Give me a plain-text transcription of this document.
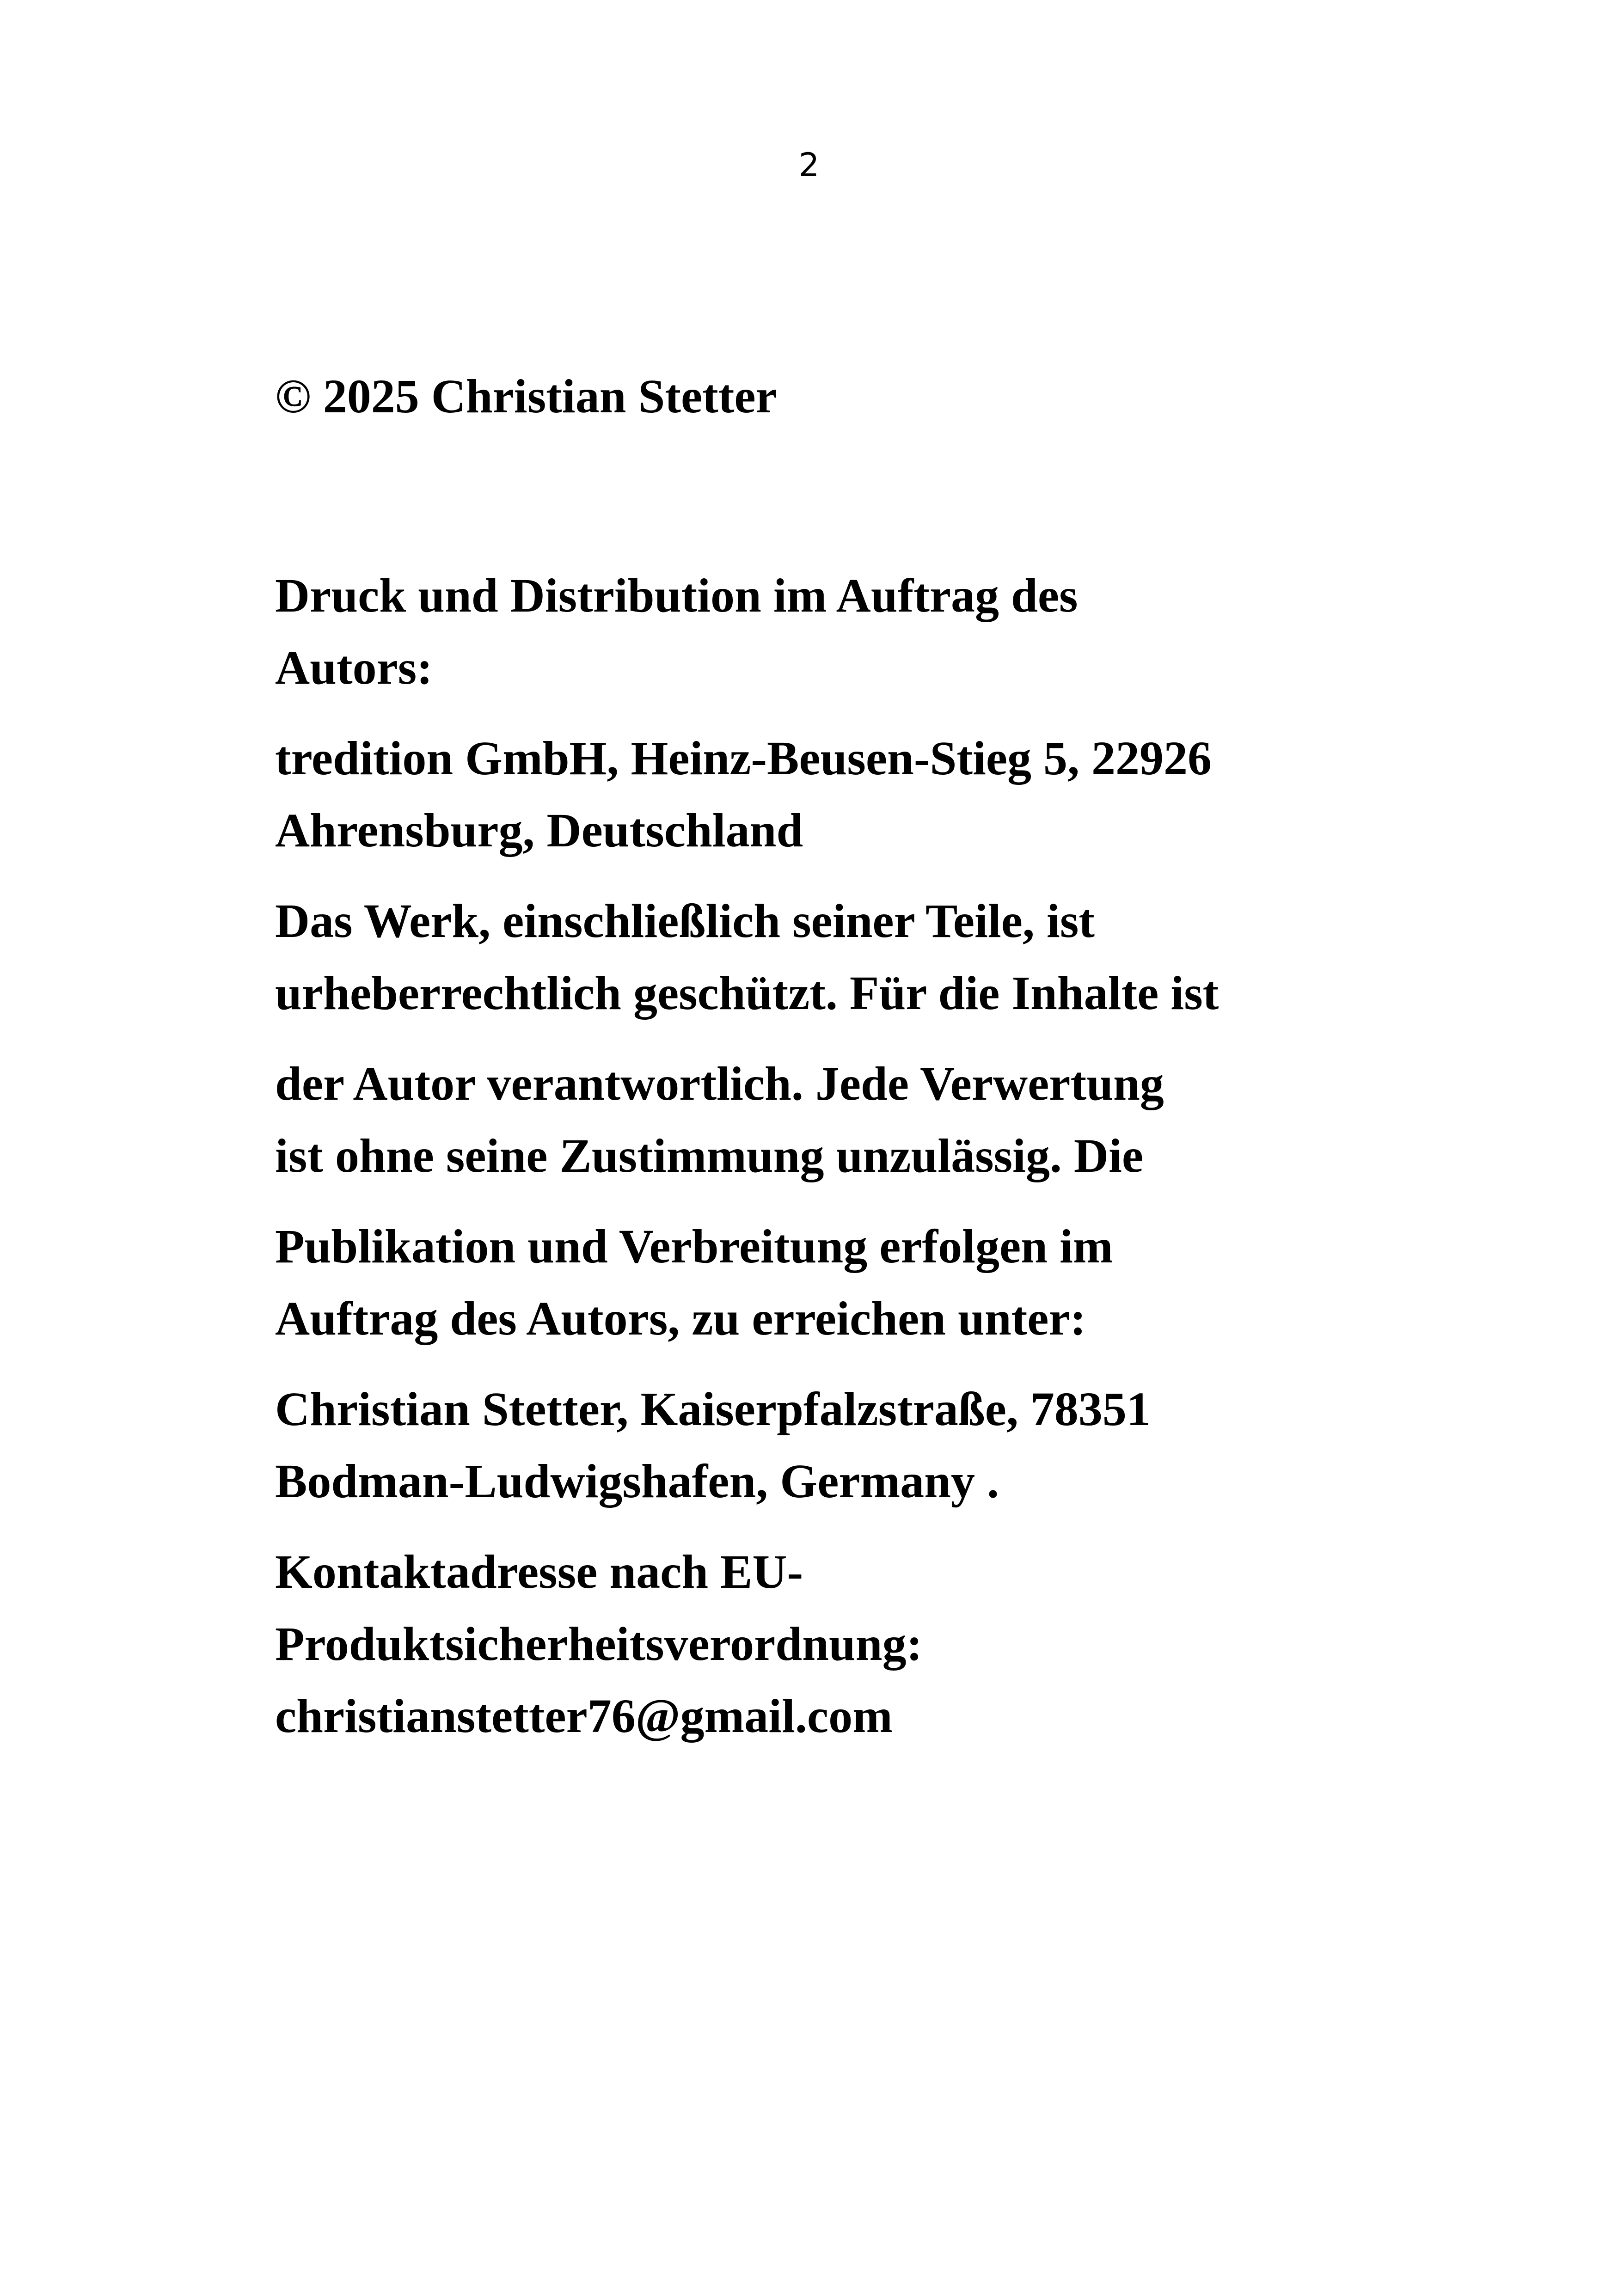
2

© 2025 Christian Stetter

Druck und Distribution im Auftrag des
Autors:

tredition GmbH, Heinz-Beusen-Stieg 5, 22926
Ahrensburg, Deutschland

Das Werk, einschließlich seiner Teile, ist
urheberrechtlich geschützt. Für die Inhalte ist

der Autor verantwortlich. Jede Verwertung
ist ohne seine Zustimmung unzulässig. Die

Publikation und Verbreitung erfolgen im
Auftrag des Autors, zu erreichen unter:

Christian Stetter, Kaiserpfalzstraße, 78351
Bodman-Ludwigshafen, Germany .

Kontaktadresse nach EU-
Produktsicherheitsverordnung:
christianstetter76@gmail.com
